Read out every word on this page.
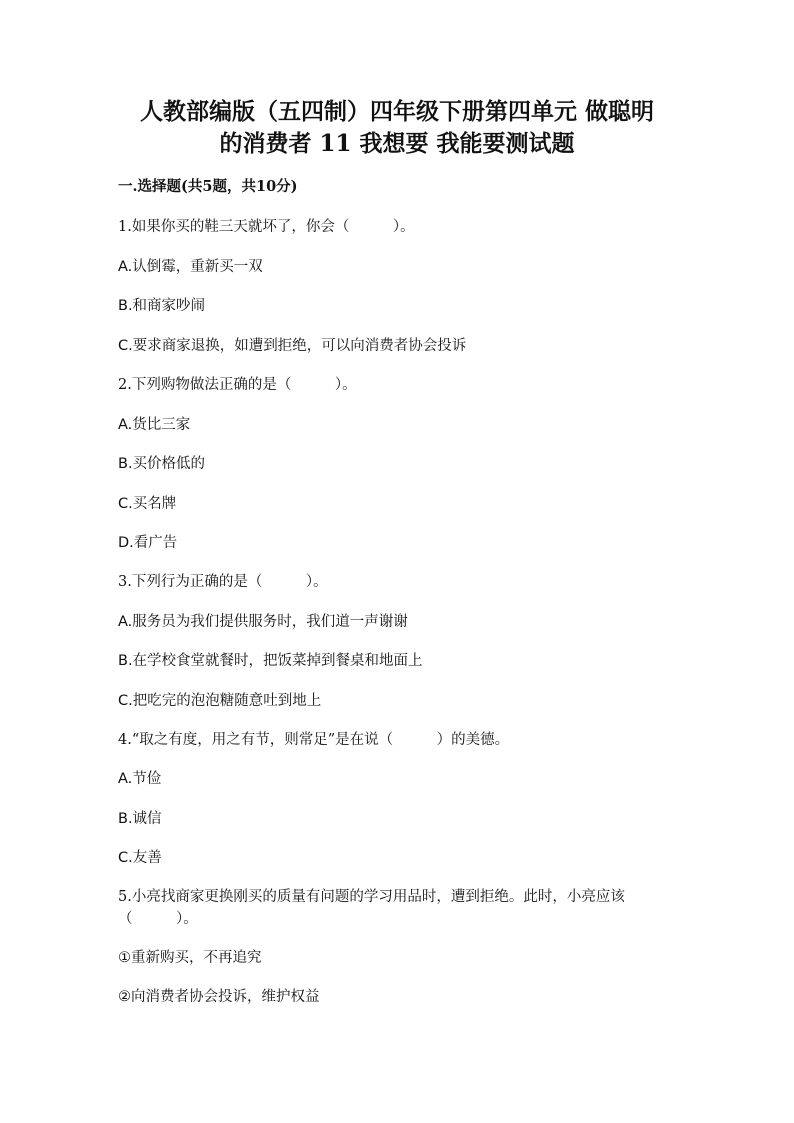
人教部编版（五四制）四年级下册第四单元 做聪明
的消费者 11 我想要 我能要测试题
一.选择题(共5题，共10分)
1.如果你买的鞋三天就坏了，你会（　　　）。
A.认倒霉，重新买一双
B.和商家吵闹
C.要求商家退换，如遭到拒绝，可以向消费者协会投诉
2.下列购物做法正确的是（　　　）。
A.货比三家
B.买价格低的
C.买名牌
D.看广告
3.下列行为正确的是（　　　）。
A.服务员为我们提供服务时，我们道一声谢谢
B.在学校食堂就餐时，把饭菜掉到餐桌和地面上
C.把吃完的泡泡糖随意吐到地上
4.“取之有度，用之有节，则常足”是在说（　　　）的美德。
A.节俭
B.诚信
C.友善
5.小亮找商家更换刚买的质量有问题的学习用品时，遭到拒绝。此时，小亮应该（　　　）。
①重新购买，不再追究
②向消费者协会投诉，维护权益
